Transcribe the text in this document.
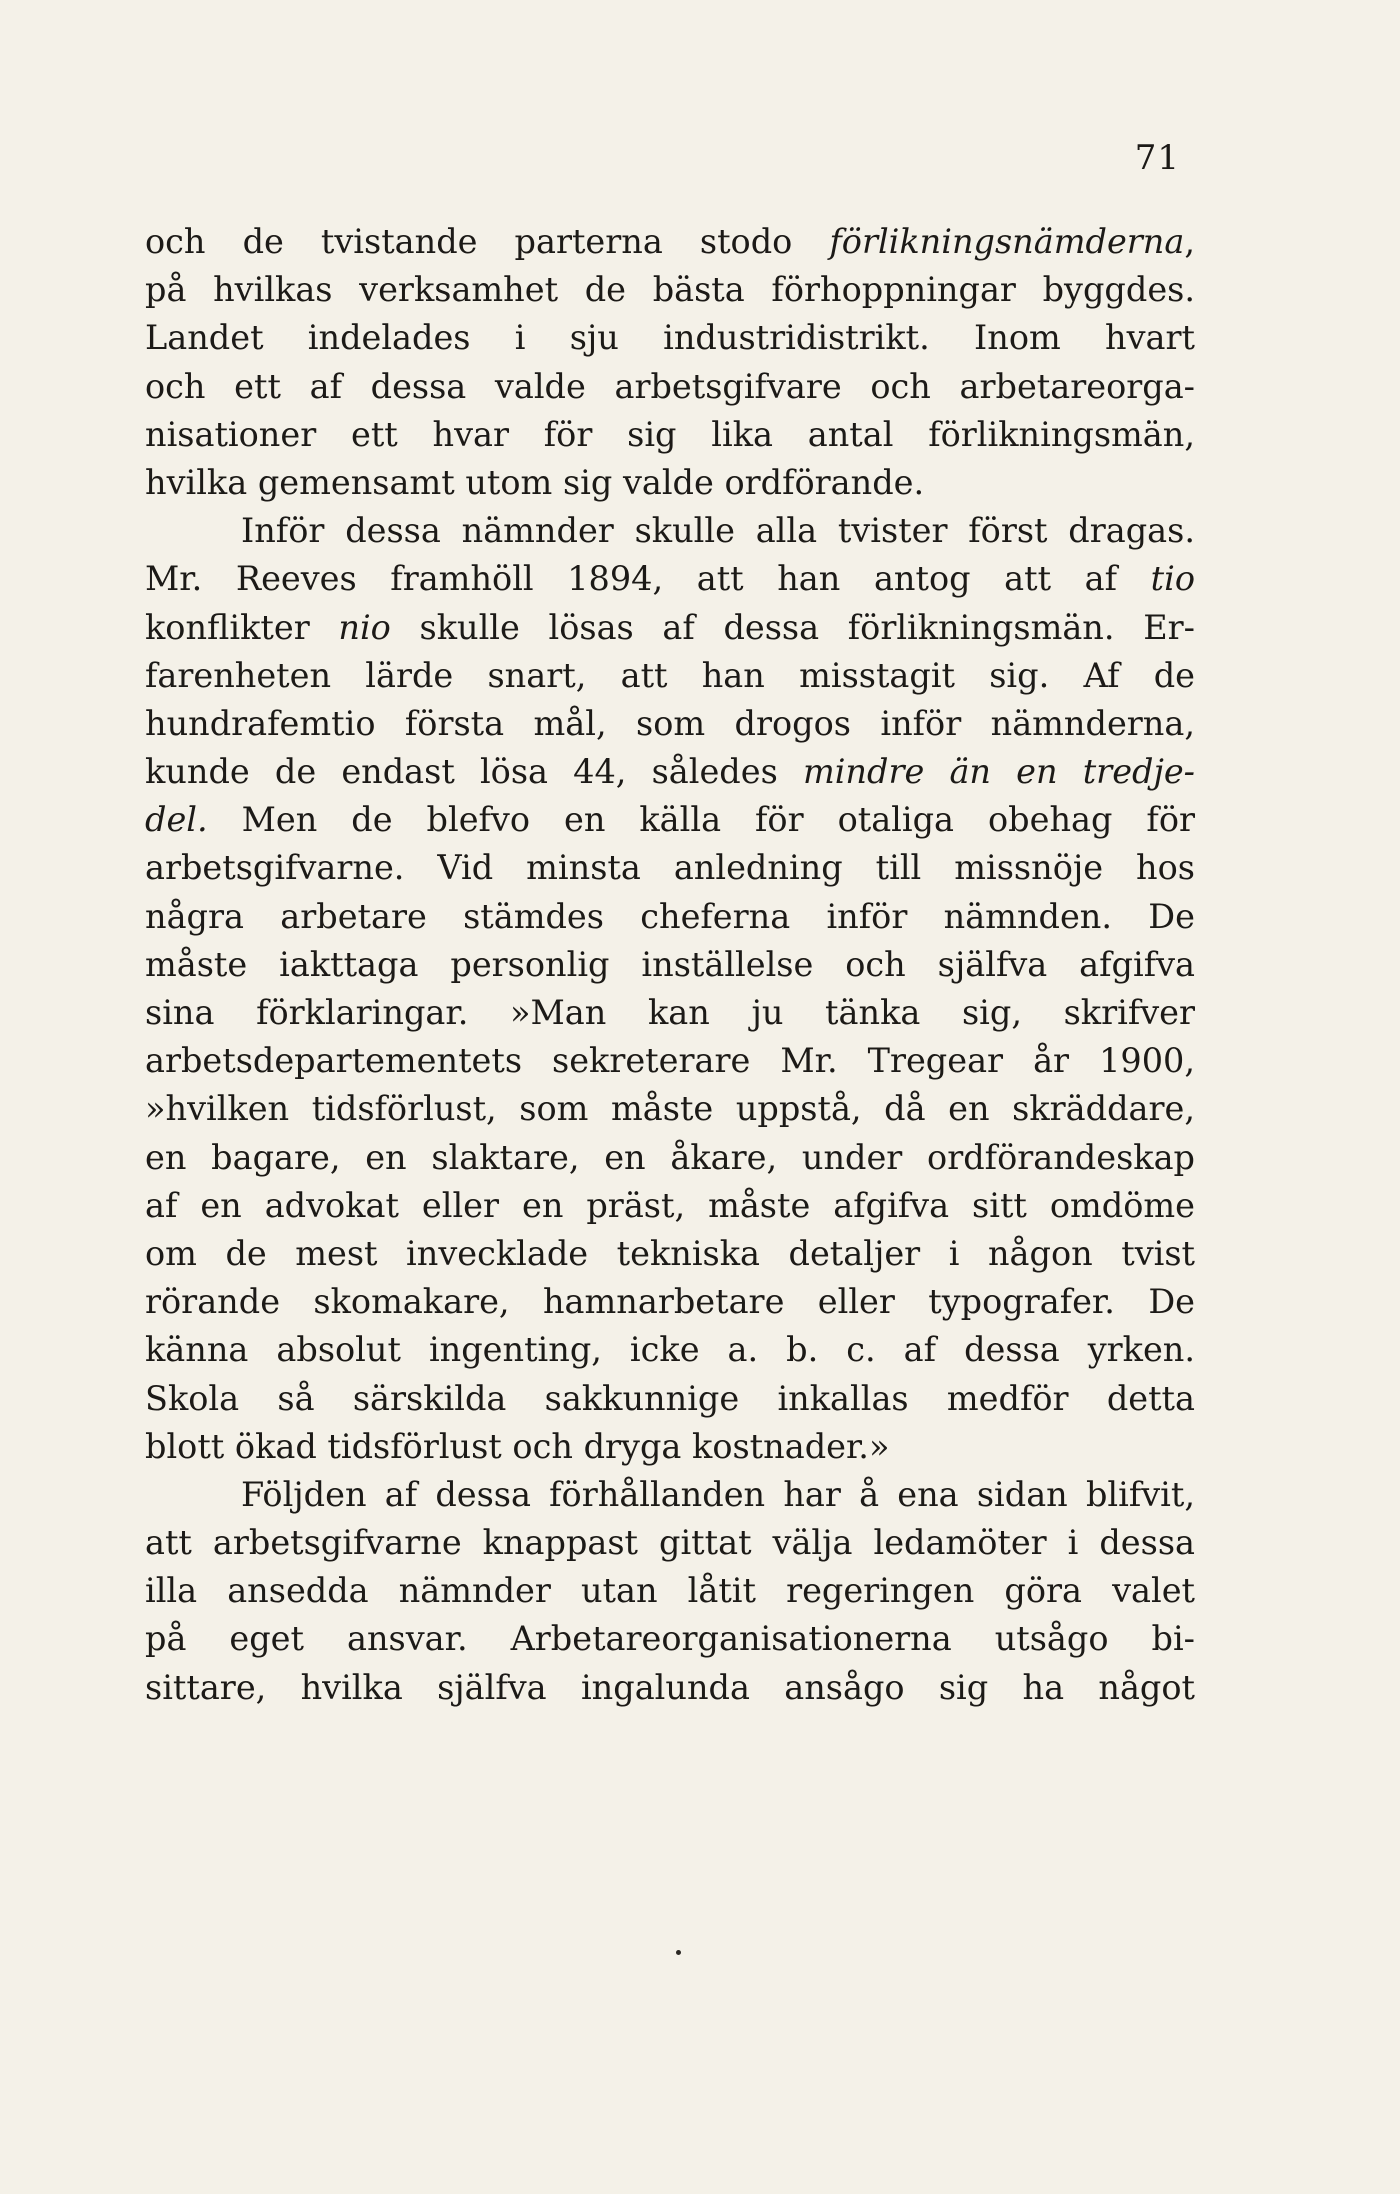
71
och de tvistande parterna stodo förlikningsnämderna,
på hvilkas verksamhet de bästa förhoppningar byggdes.
Landet indelades i sju industridistrikt. Inom hvart
och ett af dessa valde arbetsgifvare och arbetareorga-
nisationer ett hvar för sig lika antal förlikningsmän,
hvilka gemensamt utom sig valde ordförande.
Inför dessa nämnder skulle alla tvister först dragas.
Mr. Reeves framhöll 1894, att han antog att af tio
konflikter nio skulle lösas af dessa förlikningsmän. Er-
farenheten lärde snart, att han misstagit sig. Af de
hundrafemtio första mål, som drogos inför nämnderna,
kunde de endast lösa 44, således mindre än en tredje-
del. Men de blefvo en källa för otaliga obehag för
arbetsgifvarne. Vid minsta anledning till missnöje hos
några arbetare stämdes cheferna inför nämnden. De
måste iakttaga personlig inställelse och själfva afgifva
sina förklaringar. »Man kan ju tänka sig, skrifver
arbetsdepartementets sekreterare Mr. Tregear år 1900,
»hvilken tidsförlust, som måste uppstå, då en skräddare,
en bagare, en slaktare, en åkare, under ordförandeskap
af en advokat eller en präst, måste afgifva sitt omdöme
om de mest invecklade tekniska detaljer i någon tvist
rörande skomakare, hamnarbetare eller typografer. De
känna absolut ingenting, icke a. b. c. af dessa yrken.
Skola så särskilda sakkunnige inkallas medför detta
blott ökad tidsförlust och dryga kostnader.»
Följden af dessa förhållanden har å ena sidan blifvit,
att arbetsgifvarne knappast gittat välja ledamöter i dessa
illa ansedda nämnder utan låtit regeringen göra valet
på eget ansvar. Arbetareorganisationerna utsågo bi-
sittare, hvilka själfva ingalunda ansågo sig ha något
